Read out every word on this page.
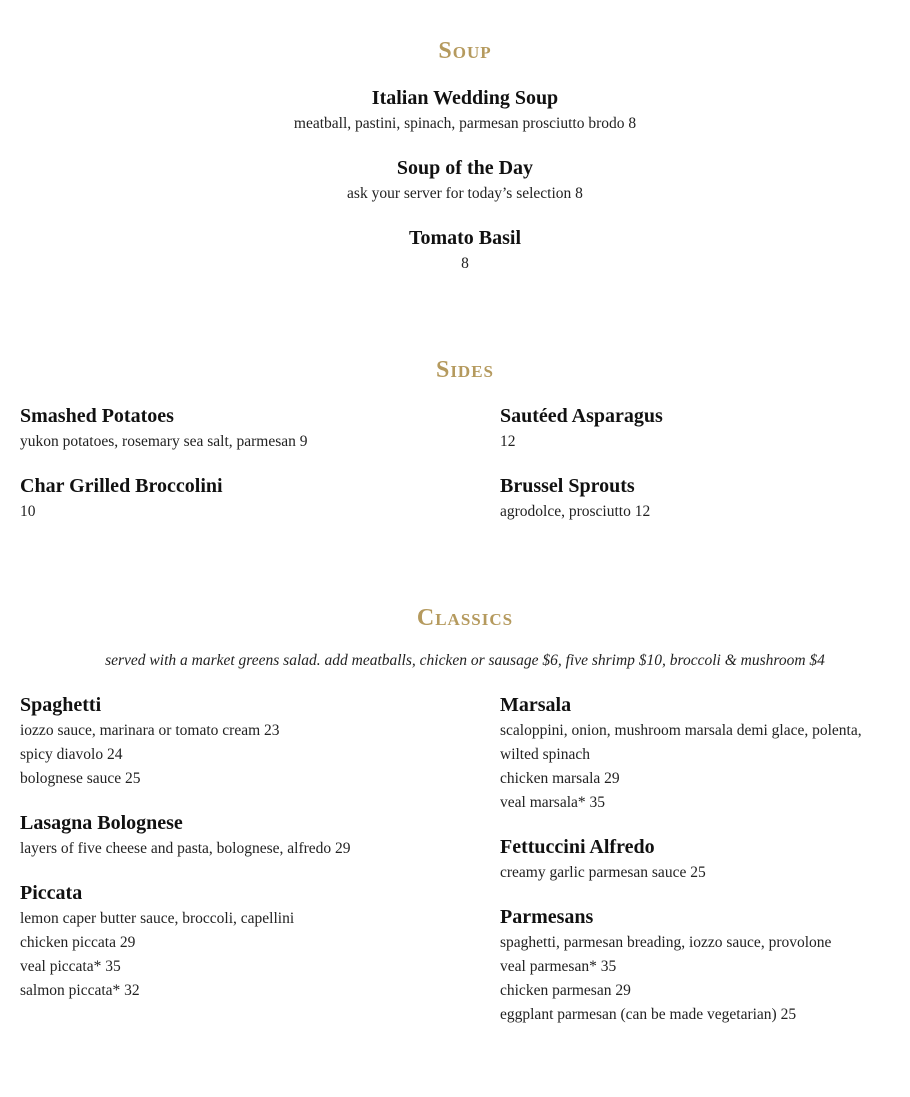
Soup
Italian Wedding Soup
meatball, pastini, spinach, parmesan prosciutto brodo 8
Soup of the Day
ask your server for today’s selection 8
Tomato Basil
8
Sides
Smashed Potatoes
yukon potatoes, rosemary sea salt, parmesan 9
Sautéed Asparagus
12
Char Grilled Broccolini
10
Brussel Sprouts
agrodolce, prosciutto 12
Classics

served with a market greens salad. add meatballs, chicken or sausage $6, five shrimp $10, broccoli & mushroom $4

Spaghetti
iozzo sauce, marinara or tomato cream 23
spicy diavolo 24
bolognese sauce 25
Lasagna Bolognese
layers of five cheese and pasta, bolognese, alfredo 29
Piccata
lemon caper butter sauce, broccoli, capellini
chicken piccata 29
veal piccata* 35
salmon piccata* 32
Marsala
scaloppini, onion, mushroom marsala demi glace, polenta,
wilted spinach
chicken marsala 29
veal marsala* 35
Fettuccini Alfredo
creamy garlic parmesan sauce 25
Parmesans
spaghetti, parmesan breading, iozzo sauce, provolone
veal parmesan* 35
chicken parmesan 29
eggplant parmesan (can be made vegetarian) 25
